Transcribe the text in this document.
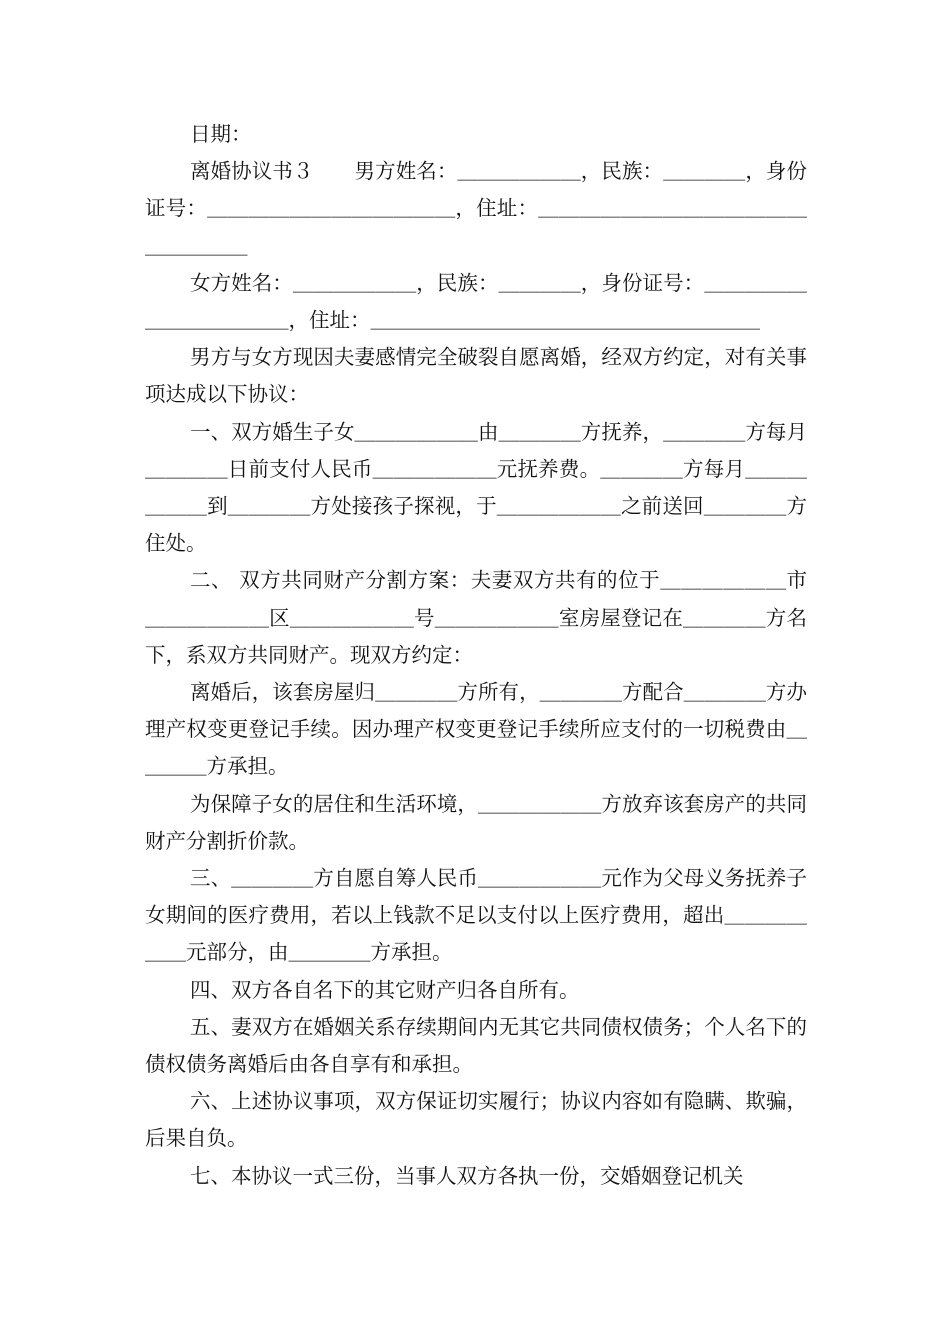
日期：

离婚协议书３　　男方姓名：＿＿＿＿＿＿，民族：＿＿＿＿，身份证号：＿＿＿＿＿＿＿＿＿＿＿＿，住址：＿＿＿＿＿＿＿＿＿＿＿＿＿＿＿＿＿＿

女方姓名：＿＿＿＿＿＿，民族：＿＿＿＿，身份证号：＿＿＿＿＿＿＿＿＿＿＿＿，住址：＿＿＿＿＿＿＿＿＿＿＿＿＿＿＿＿＿＿＿

男方与女方现因夫妻感情完全破裂自愿离婚，经双方约定，对有关事项达成以下协议：

一、双方婚生子女＿＿＿＿＿＿由＿＿＿＿方抚养，＿＿＿＿方每月＿＿＿＿日前支付人民币＿＿＿＿＿＿元抚养费。＿＿＿＿方每月＿＿＿＿＿＿到＿＿＿＿方处接孩子探视，于＿＿＿＿＿＿之前送回＿＿＿＿方住处。

二、 双方共同财产分割方案：夫妻双方共有的位于＿＿＿＿＿＿市＿＿＿＿＿＿区＿＿＿＿＿＿号＿＿＿＿＿＿室房屋登记在＿＿＿＿方名下，系双方共同财产。现双方约定：

离婚后，该套房屋归＿＿＿＿方所有，＿＿＿＿方配合＿＿＿＿方办理产权变更登记手续。因办理产权变更登记手续所应支付的一切税费由＿＿＿＿方承担。

为保障子女的居住和生活环境，＿＿＿＿＿＿方放弃该套房产的共同财产分割折价款。

三、＿＿＿＿方自愿自筹人民币＿＿＿＿＿＿元作为父母义务抚养子女期间的医疗费用，若以上钱款不足以支付以上医疗费用，超出＿＿＿＿＿＿元部分，由＿＿＿＿方承担。

四、双方各自名下的其它财产归各自所有。

五、妻双方在婚姻关系存续期间内无其它共同债权债务；个人名下的债权债务离婚后由各自享有和承担。

六、上述协议事项，双方保证切实履行；协议内容如有隐瞒、欺骗，后果自负。

七、本协议一式三份，当事人双方各执一份，交婚姻登记机关
